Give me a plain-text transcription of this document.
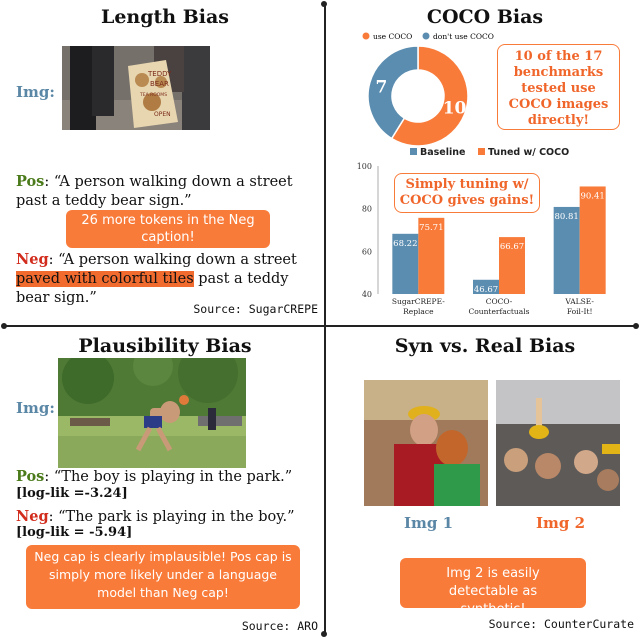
Length Bias
Img:
TEDDY
BEAR
TEA ROOMS
OPEN
Pos: “A person walking down a street past a teddy bear sign.”
26 more tokens in the Neg caption!
Neg: “A person walking down a street paved with colorful tiles past a teddy bear sign.”
Source: SugarCREPE
COCO Bias
use COCO	don't use COCO
10
7
10 of the 17 benchmarks tested use COCO images directly!
Baseline Tuned w/ COCO
40
60
80
100
68.22
75.71
SugarCREPE-
Replace
46.67
66.67
COCO-
Counterfactuals
80.81
90.41
VALSE-
Foil-It!
Simply tuning w/ COCO gives gains!
Plausibility Bias
Img:
Pos: “The boy is playing in the park.”
[log-lik =-3.24]
Neg: “The park is playing in the boy.”
[log-lik = -5.94]
Neg cap is clearly implausible! Pos cap is simply more likely under a language model than Neg cap!
Source: ARO
Syn vs. Real Bias
Img 1	Img 2
Img 2 is easily detectable as synthetic!
Source: CounterCurate
